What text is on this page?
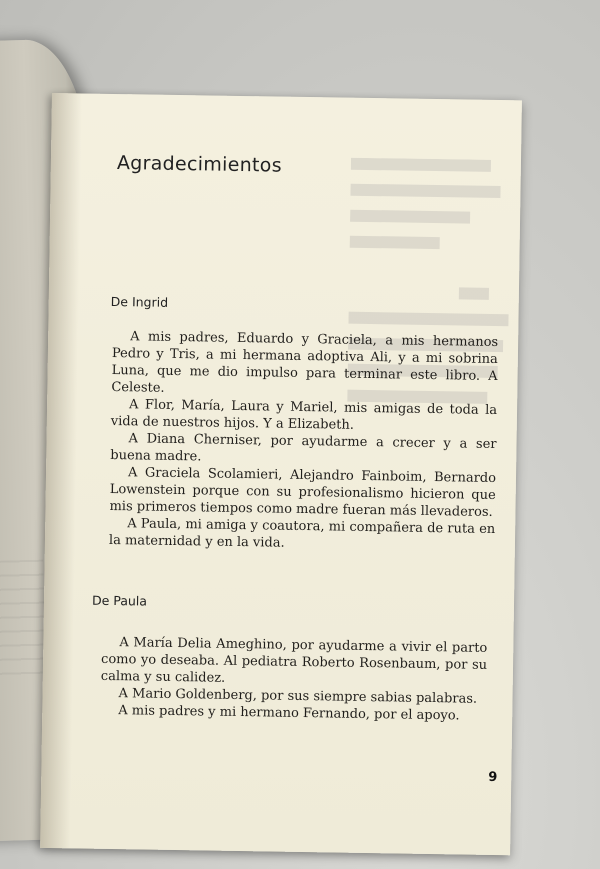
Agradecimientos
De Ingrid

A mis padres, Eduardo y Graciela, a mis hermanos Pedro y Tris, a mi hermana adoptiva Ali, y a mi sobrina Luna, que me dio impulso para terminar este libro. A Celeste.

A Flor, María, Laura y Mariel, mis amigas de toda la vida de nuestros hijos. Y a Elizabeth.

A Diana Cherniser, por ayudarme a crecer y a ser buena madre.

A Graciela Scolamieri, Alejandro Fainboim, Bernardo Lowenstein porque con su profesionalismo hicieron que mis primeros tiempos como madre fueran más llevaderos.

A Paula, mi amiga y coautora, mi compañera de ruta en la maternidad y en la vida.

De Paula

A María Delia Ameghino, por ayudarme a vivir el parto como yo deseaba. Al pediatra Roberto Rosenbaum, por su calma y su calidez.

A Mario Goldenberg, por sus siempre sabias palabras.

A mis padres y mi hermano Fernando, por el apoyo.

9
